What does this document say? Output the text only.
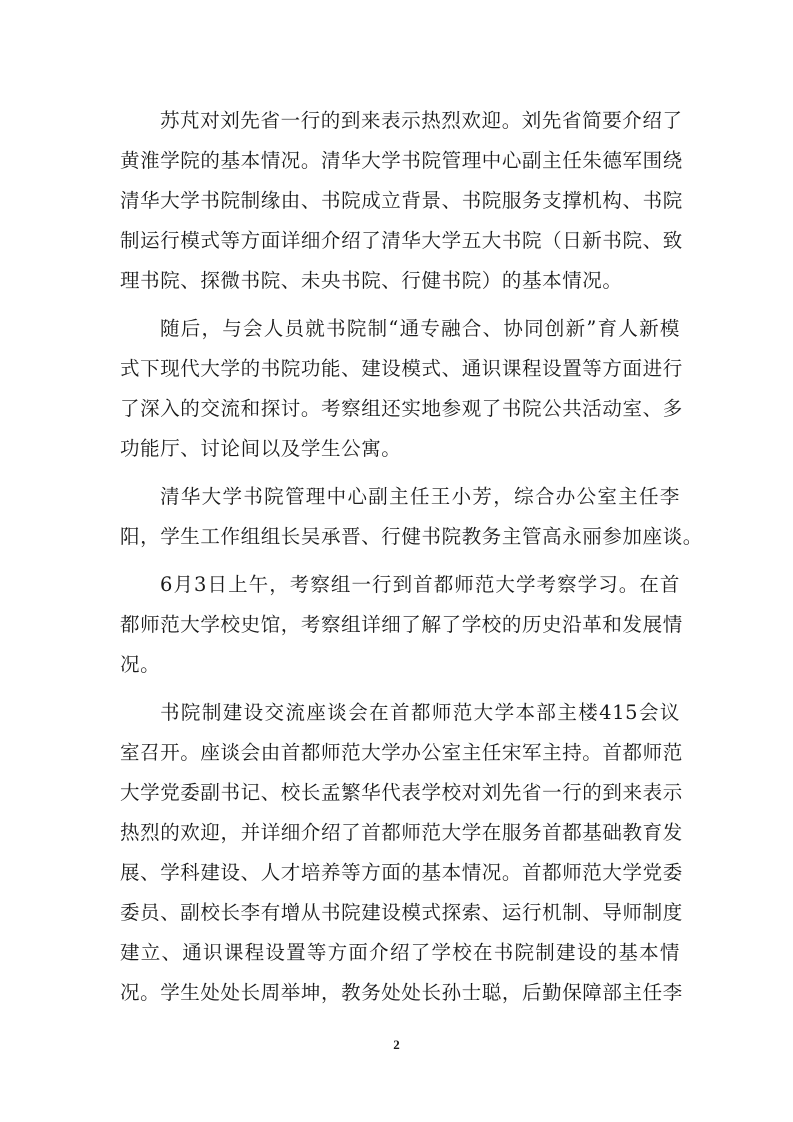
苏芃对刘先省一行的到来表示热烈欢迎。刘先省简要介绍了
黄淮学院的基本情况。清华大学书院管理中心副主任朱德军围绕
清华大学书院制缘由、书院成立背景、书院服务支撑机构、书院
制运行模式等方面详细介绍了清华大学五大书院（日新书院、致
理书院、探微书院、未央书院、行健书院）的基本情况。
随后，与会人员就书院制“通专融合、协同创新”育人新模
式下现代大学的书院功能、建设模式、通识课程设置等方面进行
了深入的交流和探讨。考察组还实地参观了书院公共活动室、多
功能厅、讨论间以及学生公寓。
清华大学书院管理中心副主任王小芳，综合办公室主任李
阳，学生工作组组长吴承晋、行健书院教务主管高永丽参加座谈。
6月3日上午，考察组一行到首都师范大学考察学习。在首
都师范大学校史馆，考察组详细了解了学校的历史沿革和发展情
况。
书院制建设交流座谈会在首都师范大学本部主楼415会议
室召开。座谈会由首都师范大学办公室主任宋军主持。首都师范
大学党委副书记、校长孟繁华代表学校对刘先省一行的到来表示
热烈的欢迎，并详细介绍了首都师范大学在服务首都基础教育发
展、学科建设、人才培养等方面的基本情况。首都师范大学党委
委员、副校长李有增从书院建设模式探索、运行机制、导师制度
建立、通识课程设置等方面介绍了学校在书院制建设的基本情
况。学生处处长周举坤，教务处处长孙士聪，后勤保障部主任李
2
